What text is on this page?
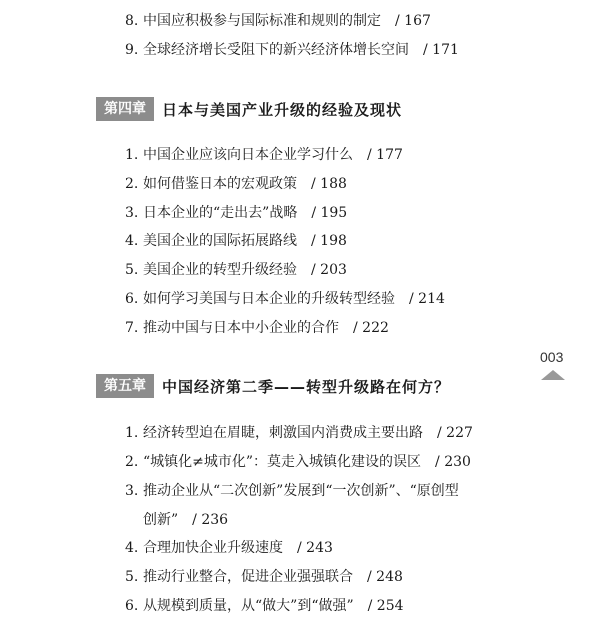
8. 中国应积极参与国际标准和规则的制定 / 167
9. 全球经济增长受阻下的新兴经济体增长空间 / 171
第四章	日本与美国产业升级的经验及现状
1. 中国企业应该向日本企业学习什么 / 177
2. 如何借鉴日本的宏观政策 / 188
3. 日本企业的“走出去”战略 / 195
4. 美国企业的国际拓展路线 / 198
5. 美国企业的转型升级经验 / 203
6. 如何学习美国与日本企业的升级转型经验 / 214
7. 推动中国与日本中小企业的合作 / 222
003
第五章	中国经济第二季——转型升级路在何方？
1. 经济转型迫在眉睫，刺激国内消费成主要出路 / 227
2. “城镇化≠城市化”：莫走入城镇化建设的误区 / 230
3. 推动企业从“二次创新”发展到“一次创新”、“原创型
创新” / 236
4. 合理加快企业升级速度 / 243
5. 推动行业整合，促进企业强强联合 / 248
6. 从规模到质量，从“做大”到“做强” / 254
